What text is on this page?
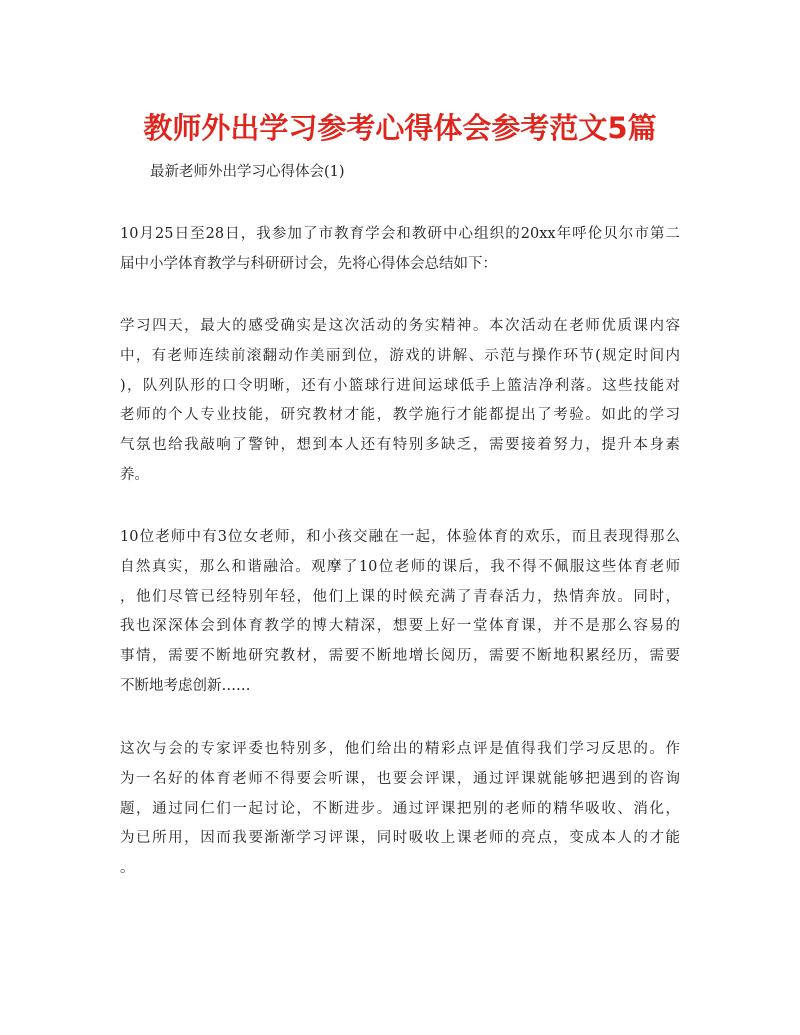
教师外出学习参考心得体会参考范文5篇
最新老师外出学习心得体会(1)
10月25日至28日，我参加了市教育学会和教研中心组织的20xx年呼伦贝尔市第二
届中小学体育教学与科研研讨会，先将心得体会总结如下：
学习四天，最大的感受确实是这次活动的务实精神。本次活动在老师优质课内容
中，有老师连续前滚翻动作美丽到位，游戏的讲解、示范与操作环节(规定时间内
)，队列队形的口令明晰，还有小篮球行进间运球低手上篮洁净利落。这些技能对
老师的个人专业技能，研究教材才能，教学施行才能都提出了考验。如此的学习
气氛也给我敲响了警钟，想到本人还有特别多缺乏，需要接着努力，提升本身素
养。
10位老师中有3位女老师，和小孩交融在一起，体验体育的欢乐，而且表现得那么
自然真实，那么和谐融洽。观摩了10位老师的课后，我不得不佩服这些体育老师
，他们尽管已经特别年轻，他们上课的时候充满了青春活力，热情奔放。同时，
我也深深体会到体育教学的博大精深，想要上好一堂体育课，并不是那么容易的
事情，需要不断地研究教材，需要不断地增长阅历，需要不断地积累经历，需要
不断地考虑创新……
这次与会的专家评委也特别多，他们给出的精彩点评是值得我们学习反思的。作
为一名好的体育老师不得要会听课，也要会评课，通过评课就能够把遇到的咨询
题，通过同仁们一起讨论，不断进步。通过评课把别的老师的精华吸收、消化，
为已所用，因而我要渐渐学习评课，同时吸收上课老师的亮点，变成本人的才能
。
